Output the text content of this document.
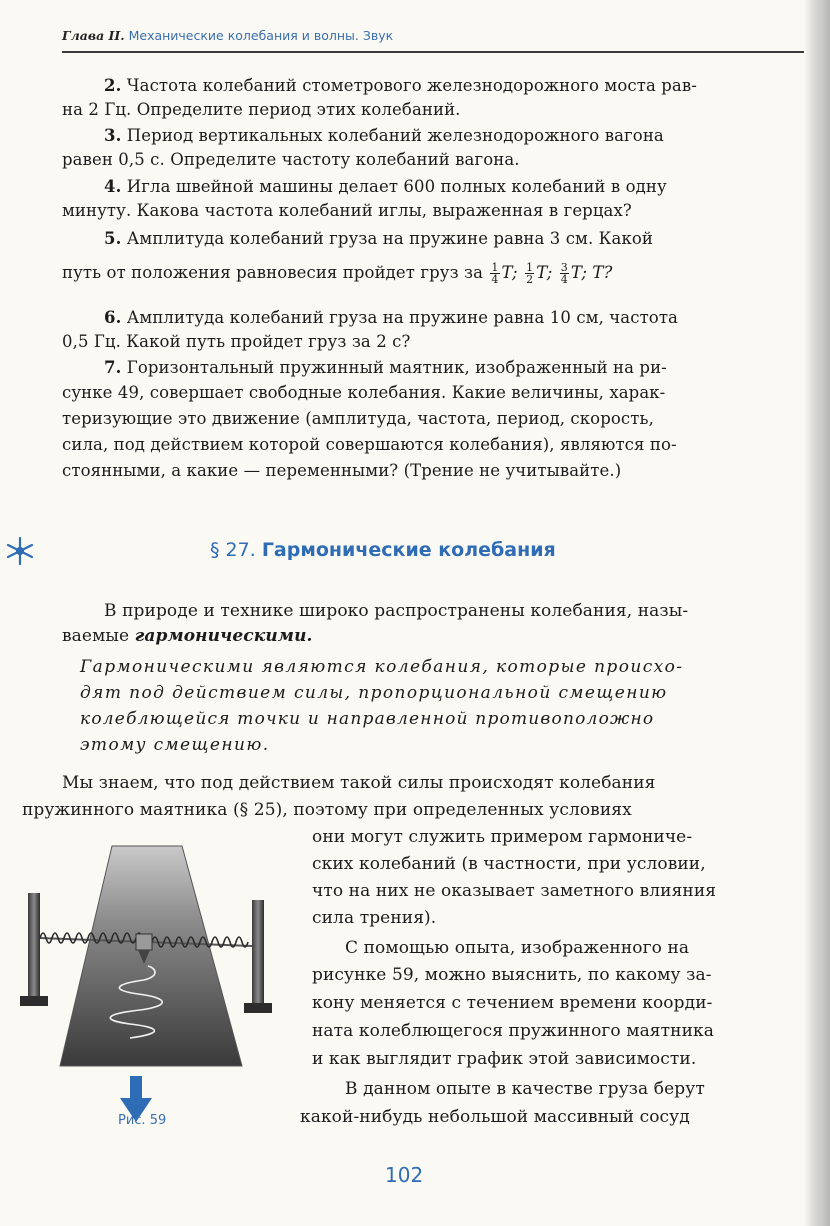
Глава II. Механические колебания и волны. Звук
2. Частота колебаний стометрового железнодорожного моста рав-
на 2 Гц. Определите период этих колебаний.
3. Период вертикальных колебаний железнодорожного вагона
равен 0,5 с. Определите частоту колебаний вагона.
4. Игла швейной машины делает 600 полных колебаний в одну
минуту. Какова частота колебаний иглы, выраженная в герцах?
5. Амплитуда колебаний груза на пружине равна 3 см. Какой
путь от положения равновесия пройдет груз за $\frac{1}{4} T$; $\frac{1}{2} T$; $\frac{3}{4} T$; T?
6. Амплитуда колебаний груза на пружине равна 10 см, частота
0,5 Гц. Какой путь пройдет груз за 2 с?
7. Горизонтальный пружинный маятник, изображенный на ри-
сунке 49, совершает свободные колебания. Какие величины, харак-
теризующие это движение (амплитуда, частота, период, скорость,
сила, под действием которой совершаются колебания), являются по-
стоянными, а какие — переменными? (Трение не учитывайте.)
§ 27. Гармонические колебания
В природе и технике широко распространены колебания, назы-
ваемые гармоническими.
Гармоническими являются колебания, которые происхо-
дят под действием силы, пропорциональной смещению
колеблющейся точки и направленной противоположно
этому смещению.
Мы знаем, что под действием такой силы происходят колебания
пружинного маятника (§ 25), поэтому при определенных условиях
они могут служить примером гармониче-
ских колебаний (в частности, при условии,
что на них не оказывает заметного влияния
сила трения).
С помощью опыта, изображенного на
рисунке 59, можно выяснить, по какому за-
кону меняется с течением времени коорди-
ната колеблющегося пружинного маятника
и как выглядит график этой зависимости.
В данном опыте в качестве груза берут
какой-нибудь небольшой массивный сосуд
Рис. 59
102
